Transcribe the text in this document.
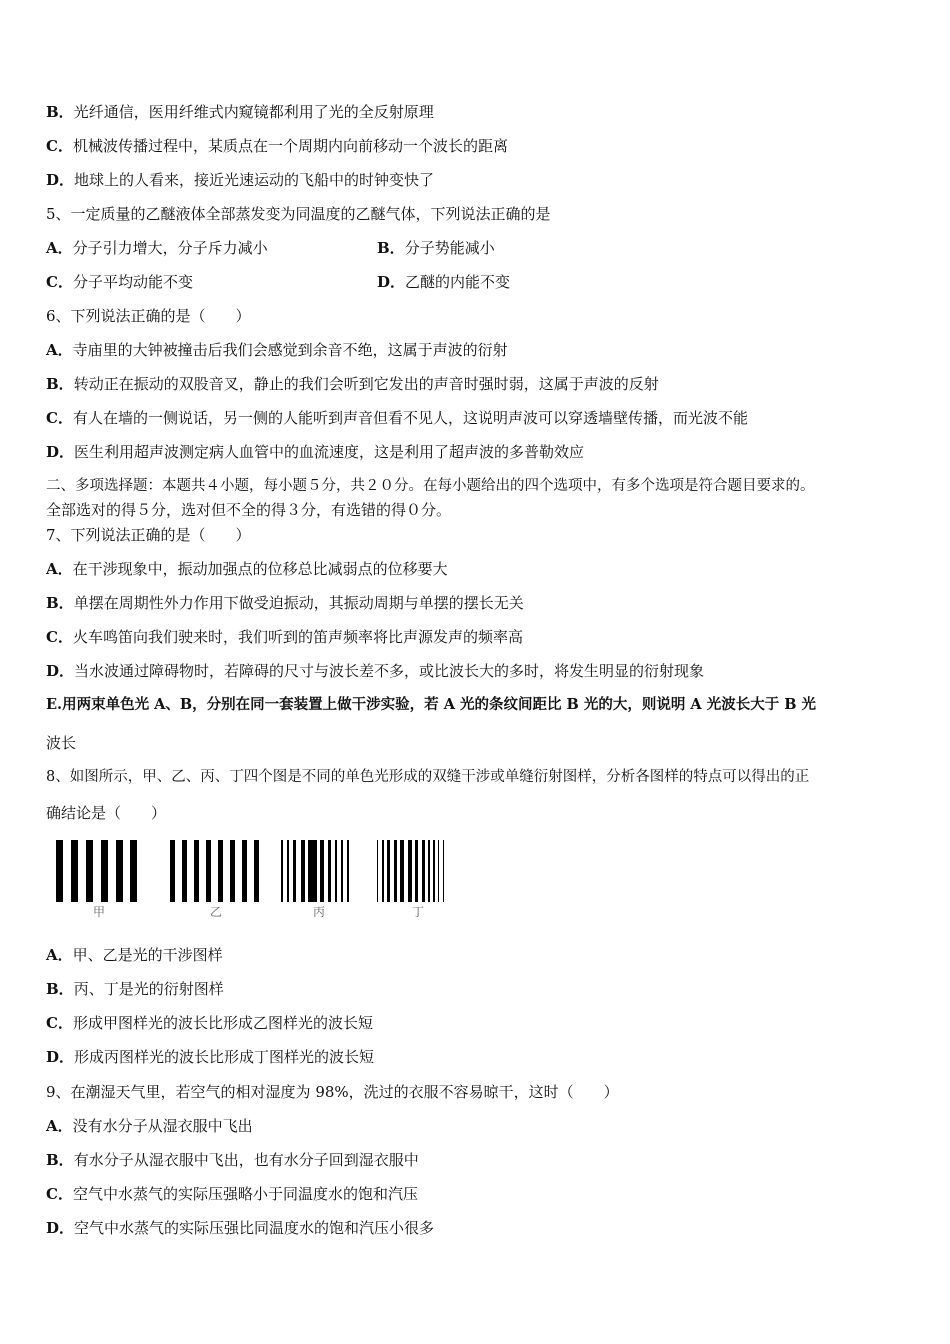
B．光纤通信，医用纤维式内窥镜都利用了光的全反射原理
C．机械波传播过程中，某质点在一个周期内向前移动一个波长的距离
D．地球上的人看来，接近光速运动的飞船中的时钟变快了
5、一定质量的乙醚液体全部蒸发变为同温度的乙醚气体，下列说法正确的是
A．分子引力增大，分子斥力减小	B．分子势能减小
C．分子平均动能不变	D．乙醚的内能不变
6、下列说法正确的是（　　）
A．寺庙里的大钟被撞击后我们会感觉到余音不绝，这属于声波的衍射
B．转动正在振动的双股音叉，静止的我们会听到它发出的声音时强时弱，这属于声波的反射
C．有人在墙的一侧说话，另一侧的人能听到声音但看不见人，这说明声波可以穿透墙壁传播，而光波不能
D．医生利用超声波测定病人血管中的血流速度，这是利用了超声波的多普勒效应
二、多项选择题：本题共４小题，每小题５分，共２０分。在每小题给出的四个选项中，有多个选项是符合题目要求的。
全部选对的得５分，选对但不全的得３分，有选错的得０分。
7、下列说法正确的是（　　）
A．在干涉现象中，振动加强点的位移总比减弱点的位移要大
B．单摆在周期性外力作用下做受迫振动，其振动周期与单摆的摆长无关
C．火车鸣笛向我们驶来时，我们听到的笛声频率将比声源发声的频率高
D．当水波通过障碍物时，若障碍的尺寸与波长差不多，或比波长大的多时，将发生明显的衍射现象
E.用两束单色光 A、B，分别在同一套装置上做干涉实验，若 A 光的条纹间距比 B 光的大，则说明 A 光波长大于 B 光
波长
8、如图所示，甲、乙、丙、丁四个图是不同的单色光形成的双缝干涉或单缝衍射图样，分析各图样的特点可以得出的正
确结论是（　　）
甲	乙	丙	丁
A．甲、乙是光的干涉图样
B．丙、丁是光的衍射图样
C．形成甲图样光的波长比形成乙图样光的波长短
D．形成丙图样光的波长比形成丁图样光的波长短
9、在潮湿天气里，若空气的相对湿度为 98%，洗过的衣服不容易晾干，这时（　　）
A．没有水分子从湿衣服中飞出
B．有水分子从湿衣服中飞出，也有水分子回到湿衣服中
C．空气中水蒸气的实际压强略小于同温度水的饱和汽压
D．空气中水蒸气的实际压强比同温度水的饱和汽压小很多
